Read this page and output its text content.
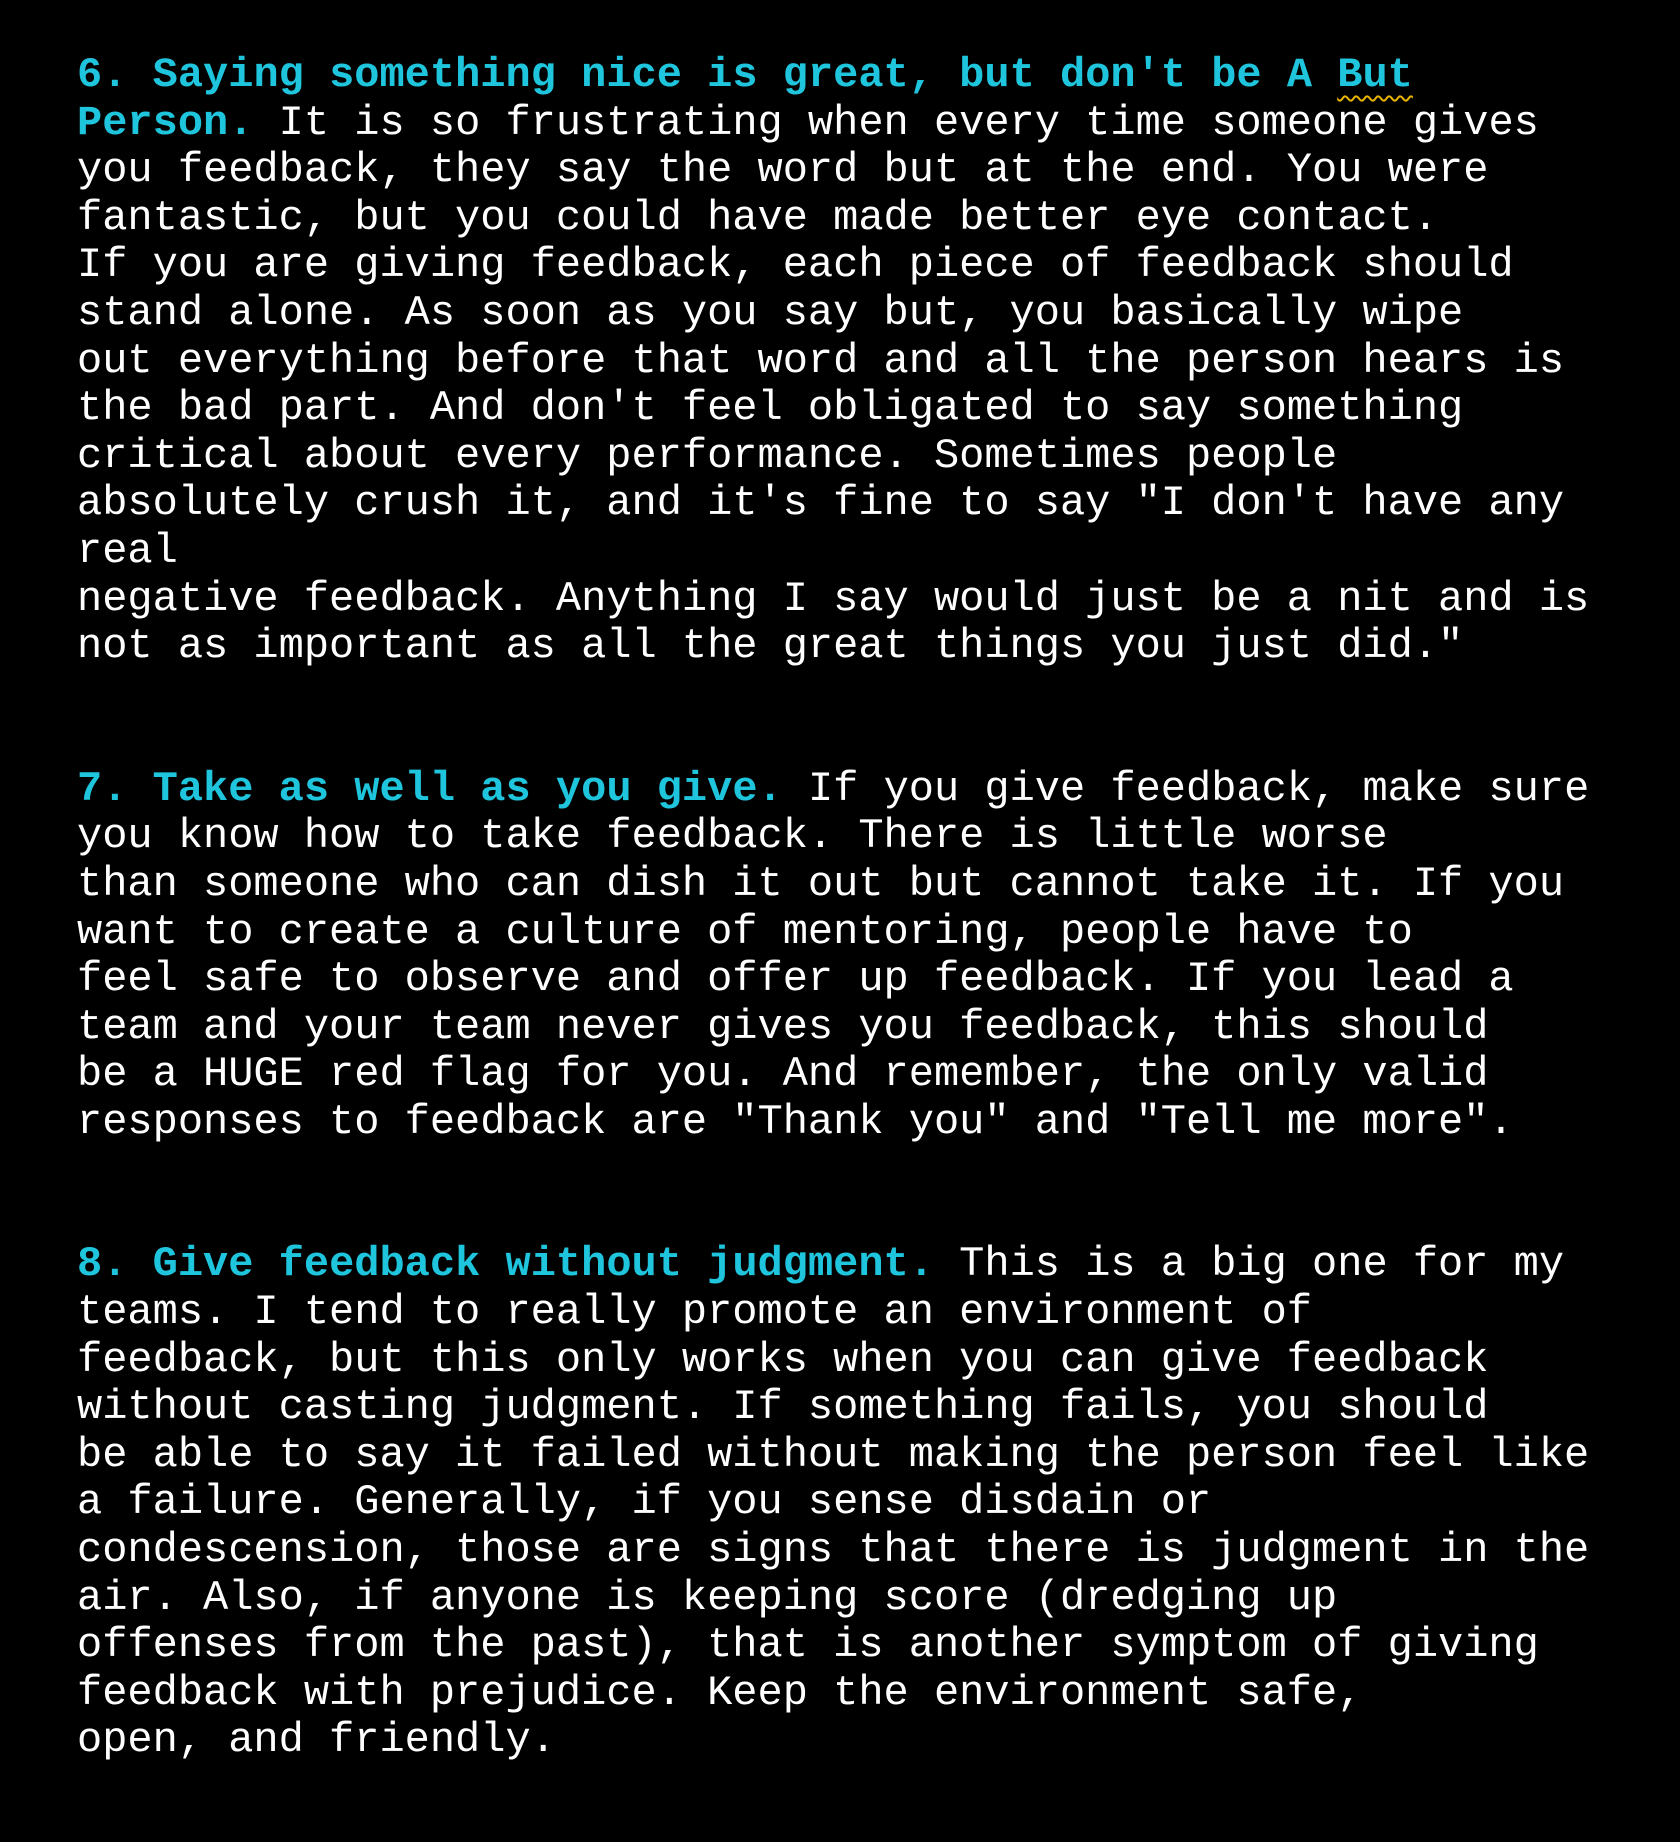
6. Saying something nice is great, but don't be A But
Person. It is so frustrating when every time someone gives
you feedback, they say the word but at the end. You were
fantastic, but you could have made better eye contact.
If you are giving feedback, each piece of feedback should
stand alone. As soon as you say but, you basically wipe
out everything before that word and all the person hears is
the bad part. And don't feel obligated to say something
critical about every performance. Sometimes people
absolutely crush it, and it's fine to say "I don't have any
real
negative feedback. Anything I say would just be a nit and is
not as important as all the great things you just did."
7. Take as well as you give. If you give feedback, make sure
you know how to take feedback. There is little worse
than someone who can dish it out but cannot take it. If you
want to create a culture of mentoring, people have to
feel safe to observe and offer up feedback. If you lead a
team and your team never gives you feedback, this should
be a HUGE red flag for you. And remember, the only valid
responses to feedback are "Thank you" and "Tell me more".
8. Give feedback without judgment. This is a big one for my
teams. I tend to really promote an environment of
feedback, but this only works when you can give feedback
without casting judgment. If something fails, you should
be able to say it failed without making the person feel like
a failure. Generally, if you sense disdain or
condescension, those are signs that there is judgment in the
air. Also, if anyone is keeping score (dredging up
offenses from the past), that is another symptom of giving
feedback with prejudice. Keep the environment safe,
open, and friendly.
